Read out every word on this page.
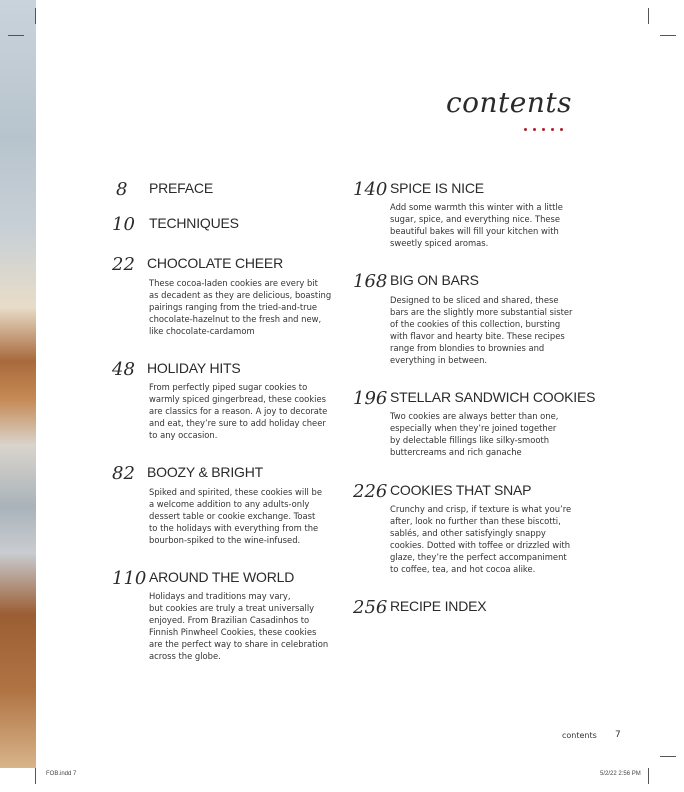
contents
8 PREFACE
10 TECHNIQUES
22 CHOCOLATE CHEER

These cocoa-laden cookies are every bit
as decadent as they are delicious, boasting
pairings ranging from the tried-and-true
chocolate-hazelnut to the fresh and new,
like chocolate-cardamom

48 HOLIDAY HITS

From perfectly piped sugar cookies to
warmly spiced gingerbread, these cookies
are classics for a reason. A joy to decorate
and eat, they’re sure to add holiday cheer
to any occasion.

82 BOOZY & BRIGHT

Spiked and spirited, these cookies will be
a welcome addition to any adults-only
dessert table or cookie exchange. Toast
to the holidays with everything from the
bourbon-spiked to the wine-infused.

110 AROUND THE WORLD

Holidays and traditions may vary,
but cookies are truly a treat universally
enjoyed. From Brazilian Casadinhos to
Finnish Pinwheel Cookies, these cookies
are the perfect way to share in celebration
across the globe.

140 SPICE IS NICE

Add some warmth this winter with a little
sugar, spice, and everything nice. These
beautiful bakes will fill your kitchen with
sweetly spiced aromas.

168 BIG ON BARS

Designed to be sliced and shared, these
bars are the slightly more substantial sister
of the cookies of this collection, bursting
with flavor and hearty bite. These recipes
range from blondies to brownies and
everything in between.

196 STELLAR SANDWICH COOKIES

Two cookies are always better than one,
especially when they’re joined together
by delectable fillings like silky-smooth
buttercreams and rich ganache

226 COOKIES THAT SNAP

Crunchy and crisp, if texture is what you’re
after, look no further than these biscotti,
sablés, and other satisfyingly snappy
cookies. Dotted with toffee or drizzled with
glaze, they’re the perfect accompaniment
to coffee, tea, and hot cocoa alike.

256 RECIPE INDEX
contents 7
FOB.indd 7	5/2/22 2:56 PM
